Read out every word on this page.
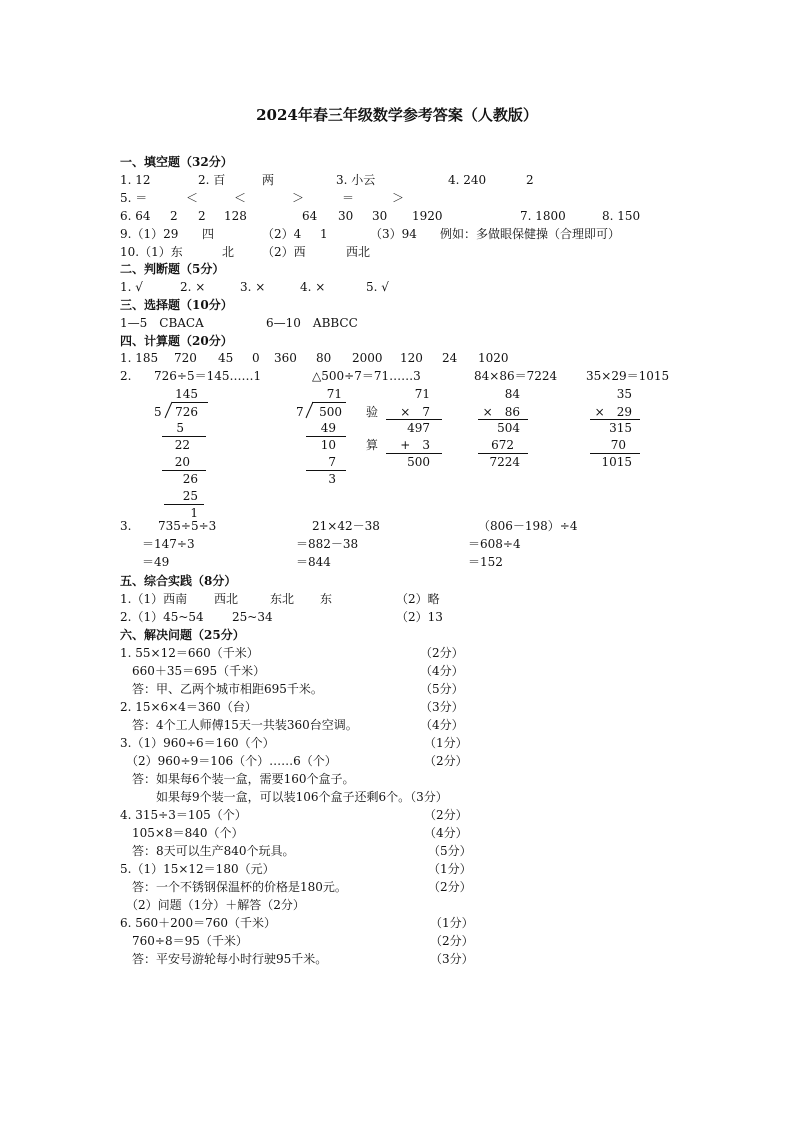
2024年春三年级数学参考答案（人教版）
一、填空题（32分）
1. 12	2. 百	两	3. 小云	4. 240	2
5. ＝	＜	＜	＞	＝	＞
6. 64 2 2 128	64 30 30 1920	7. 1800	8. 150
9.（1）29 四	（2）4 1	（3）94 例如：多做眼保健操（合理即可）
10.（1）东	北 （2）西	西北
二、判断题（5分）
1. √	2. ×	3. ×	4. ×	5. √
三、选择题（10分）
1—5　CBACA	6—10　ABBCC
四、计算题（20分）
1. 185 720 45 0 360 80 2000 120 24 1020
2. 726÷5＝145……1	△500÷7＝71……3	84×86＝7224 35×29＝1015
145
5	726
5
22
20
26
25
1
71
7	500
49
10
7
3
验
算
71
×　7
497
+　3
500
84
×　86
504
672
7224
35
×　29
315
70
1015
3. 735÷5÷3
＝147÷3
＝49
21×42－38
＝882－38
＝844
（806－198）÷4
＝608÷4
＝152
五、综合实践（8分）
1.（1）西南 西北	东北 东	（2）略
2.（1）45~54 25~34	（2）13
六、解决问题（25分）
1. 55×12＝660（千米）	（2分）
　660＋35＝695（千米）	（4分）
　答：甲、乙两个城市相距695千米。	（5分）
2. 15×6×4＝360（台）	（3分）
　答：4个工人师傅15天一共装360台空调。	（4分）
3.（1）960÷6＝160（个）	（1分）
　（2）960÷9＝106（个）……6（个）	（2分）
　答：如果每6个装一盒，需要160个盒子。
　　　如果每9个装一盒，可以装106个盒子还剩6个。（3分）
4. 315÷3＝105（个）	（2分）
　105×8＝840（个）	（4分）
　答：8天可以生产840个玩具。	（5分）
5.（1）15×12＝180（元）	（1分）
　答：一个不锈钢保温杯的价格是180元。	（2分）
　（2）问题（1分）＋解答（2分）
6. 560＋200＝760（千米）	（1分）
　760÷8＝95（千米）	（2分）
　答：平安号游轮每小时行驶95千米。	（3分）
